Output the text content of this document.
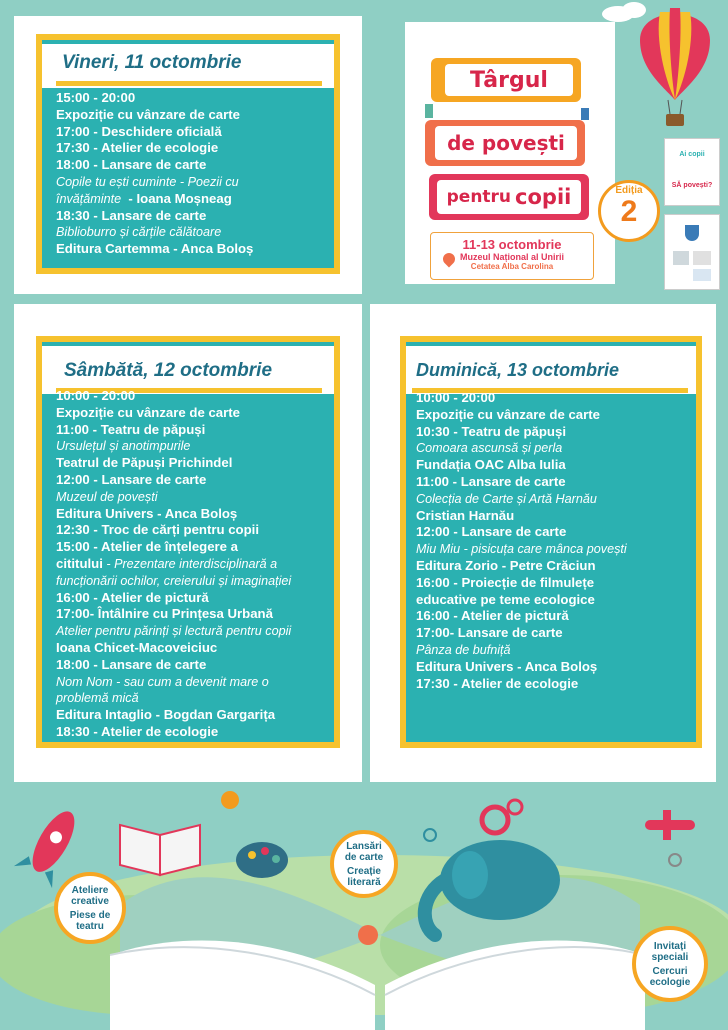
Vineri, 11 octombrie
15:00 - 20:00
Expoziție cu vânzare de carte
17:00 - Deschidere oficială
17:30 - Atelier de ecologie
18:00 - Lansare de carte
Copile tu ești cuminte - Poezii cu
învățăminte  - Ioana Moșneag
18:30 - Lansare de carte
Biblioburro și cărțile călătoare
Editura Cartemma - Anca Boloș
Sâmbătă, 12 octombrie
10:00 - 20:00
Expoziție cu vânzare de carte
11:00 - Teatru de păpuși
Ursulețul și anotimpurile
Teatrul de Păpuși Prichindel
12:00 - Lansare de carte
Muzeul de povești
Editura Univers - Anca Boloș
12:30 - Troc de cărți pentru copii
15:00 - Atelier de înțelegere a
cititului - Prezentare interdisciplinară a
funcționării ochilor, creierului și imaginației
16:00 - Atelier de pictură
17:00- Întâlnire cu Prințesa Urbană
Atelier pentru părinți și lectură pentru copii
Ioana Chicet-Macoveiciuc
18:00 - Lansare de carte
Nom Nom - sau cum a devenit mare o
problemă mică
Editura Intaglio - Bogdan Gargarița
18:30 - Atelier de ecologie
Duminică, 13 octombrie
10:00 - 20:00
Expoziție cu vânzare de carte
10:30 - Teatru de păpuși
Comoara ascunsă și perla
Fundația OAC Alba Iulia
11:00 - Lansare de carte
Colecția de Carte și Artă Harnău
Cristian Harnău
12:00 - Lansare de carte
Miu Miu - pisicuța care mânca povești
Editura Zorio - Petre Crăciun
16:00 - Proiecție de filmulețe
educative pe teme ecologice
16:00 - Atelier de pictură
17:00- Lansare de carte
Pânza de bufniță
Editura Univers - Anca Boloș
17:30 - Atelier de ecologie
Târgul
de povești
pentru copii	Ediția
2
11-13 octombrie
Muzeul Național al Unirii
Cetatea Alba Carolina
Ai copii
SĂ povești?
Ateliere
creative
Piese de
teatru
Lansări
de carte
Creație
literară
Invitați
speciali
Cercuri
ecologie
